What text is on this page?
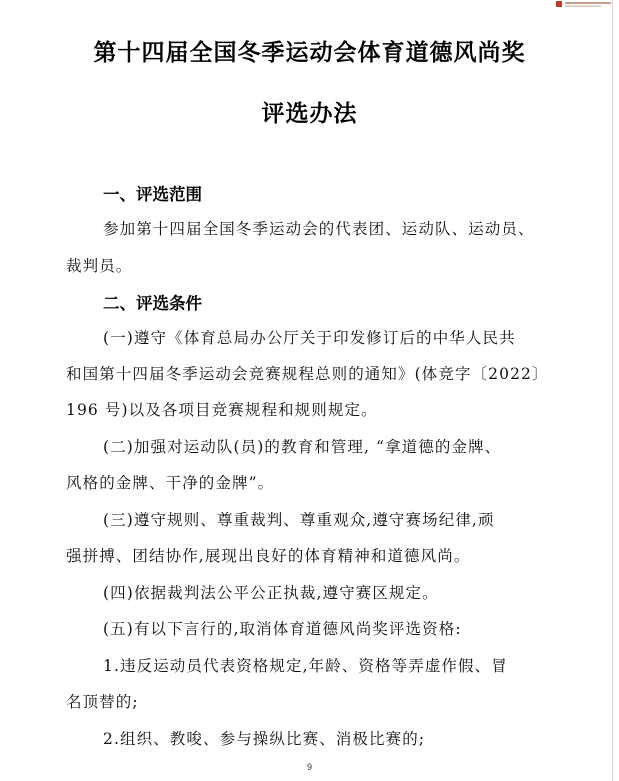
第十四届全国冬季运动会体育道德风尚奖
评选办法
一、评选范围
参加第十四届全国冬季运动会的代表团、运动队、运动员、
裁判员。
二、评选条件
(一)遵守《体育总局办公厅关于印发修订后的中华人民共
和国第十四届冬季运动会竞赛规程总则的通知》(体竞字〔2022〕
196 号)以及各项目竞赛规程和规则规定。
(二)加强对运动队(员)的教育和管理, “拿道德的金牌、
风格的金牌、干净的金牌”。
(三)遵守规则、尊重裁判、尊重观众,遵守赛场纪律,顽
强拼搏、团结协作,展现出良好的体育精神和道德风尚。
(四)依据裁判法公平公正执裁,遵守赛区规定。
(五)有以下言行的,取消体育道德风尚奖评选资格:
1.违反运动员代表资格规定,年龄、资格等弄虚作假、冒
名顶替的;
2.组织、教唆、参与操纵比赛、消极比赛的;
9
